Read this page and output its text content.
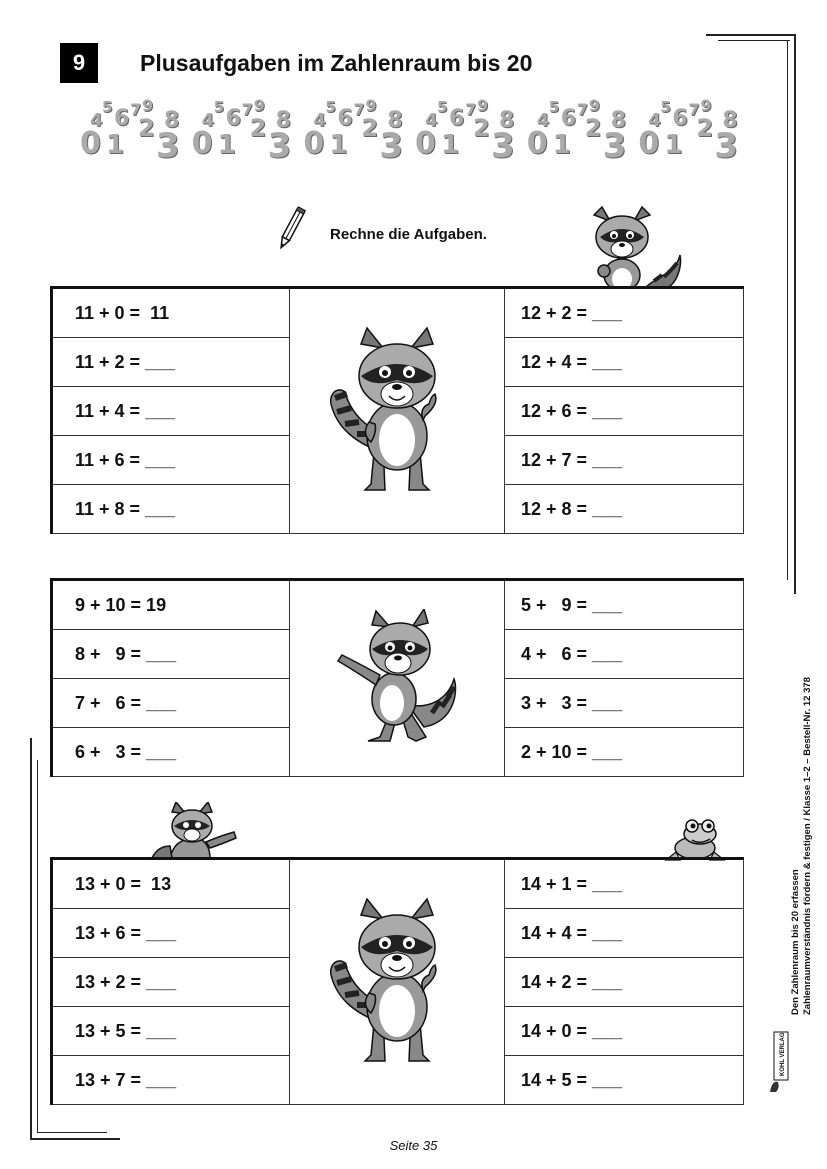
9	Plusaufgaben im Zahlenraum bis 20
5 6 7 9
8
2
4
0 1 3
5 6 7 9
8
2
4
0 1 3
5 6 7 9
8
2
4
0 1 3
5 6 7 9
8
2
4
0 1 3
5 6 7 9
8
2
4
0 1 3
5 6 7 9
8
2
4
0 1 3
Rechne die Aufgaben.
11 + 0 =  11
11 + 2 = ___
11 + 4 = ___
11 + 6 = ___
11 + 8 = ___
12 + 2 = ___
12 + 4 = ___
12 + 6 = ___
12 + 7 = ___
12 + 8 = ___
9 + 10 = 19
8 +   9 = ___
7 +   6 = ___
6 +   3 = ___
5 +   9 = ___
4 +   6 = ___
3 +   3 = ___
2 + 10 = ___
13 + 0 =  13
13 + 6 = ___
13 + 2 = ___
13 + 5 = ___
13 + 7 = ___
14 + 1 = ___
14 + 4 = ___
14 + 2 = ___
14 + 0 = ___
14 + 5 = ___
Den Zahlenraum bis 20 erfassen Zahlenraumverständnis fördern & festigen / Klasse 1–2 – Bestell-Nr. 12 378
KOHL VERLAG
Seite 35
